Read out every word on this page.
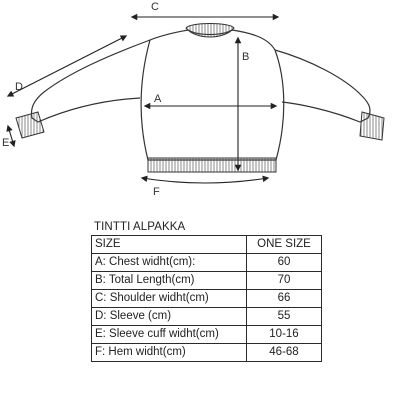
C
B
A
D
E
F
TINTTI ALPAKKA
SIZE	ONE SIZE
A: Chest widht(cm):	60
B: Total Length(cm)	70
C: Shoulder widht(cm)	66
D: Sleeve (cm)	55
E: Sleeve cuff widht(cm)	10-16
F: Hem widht(cm)	46-68
